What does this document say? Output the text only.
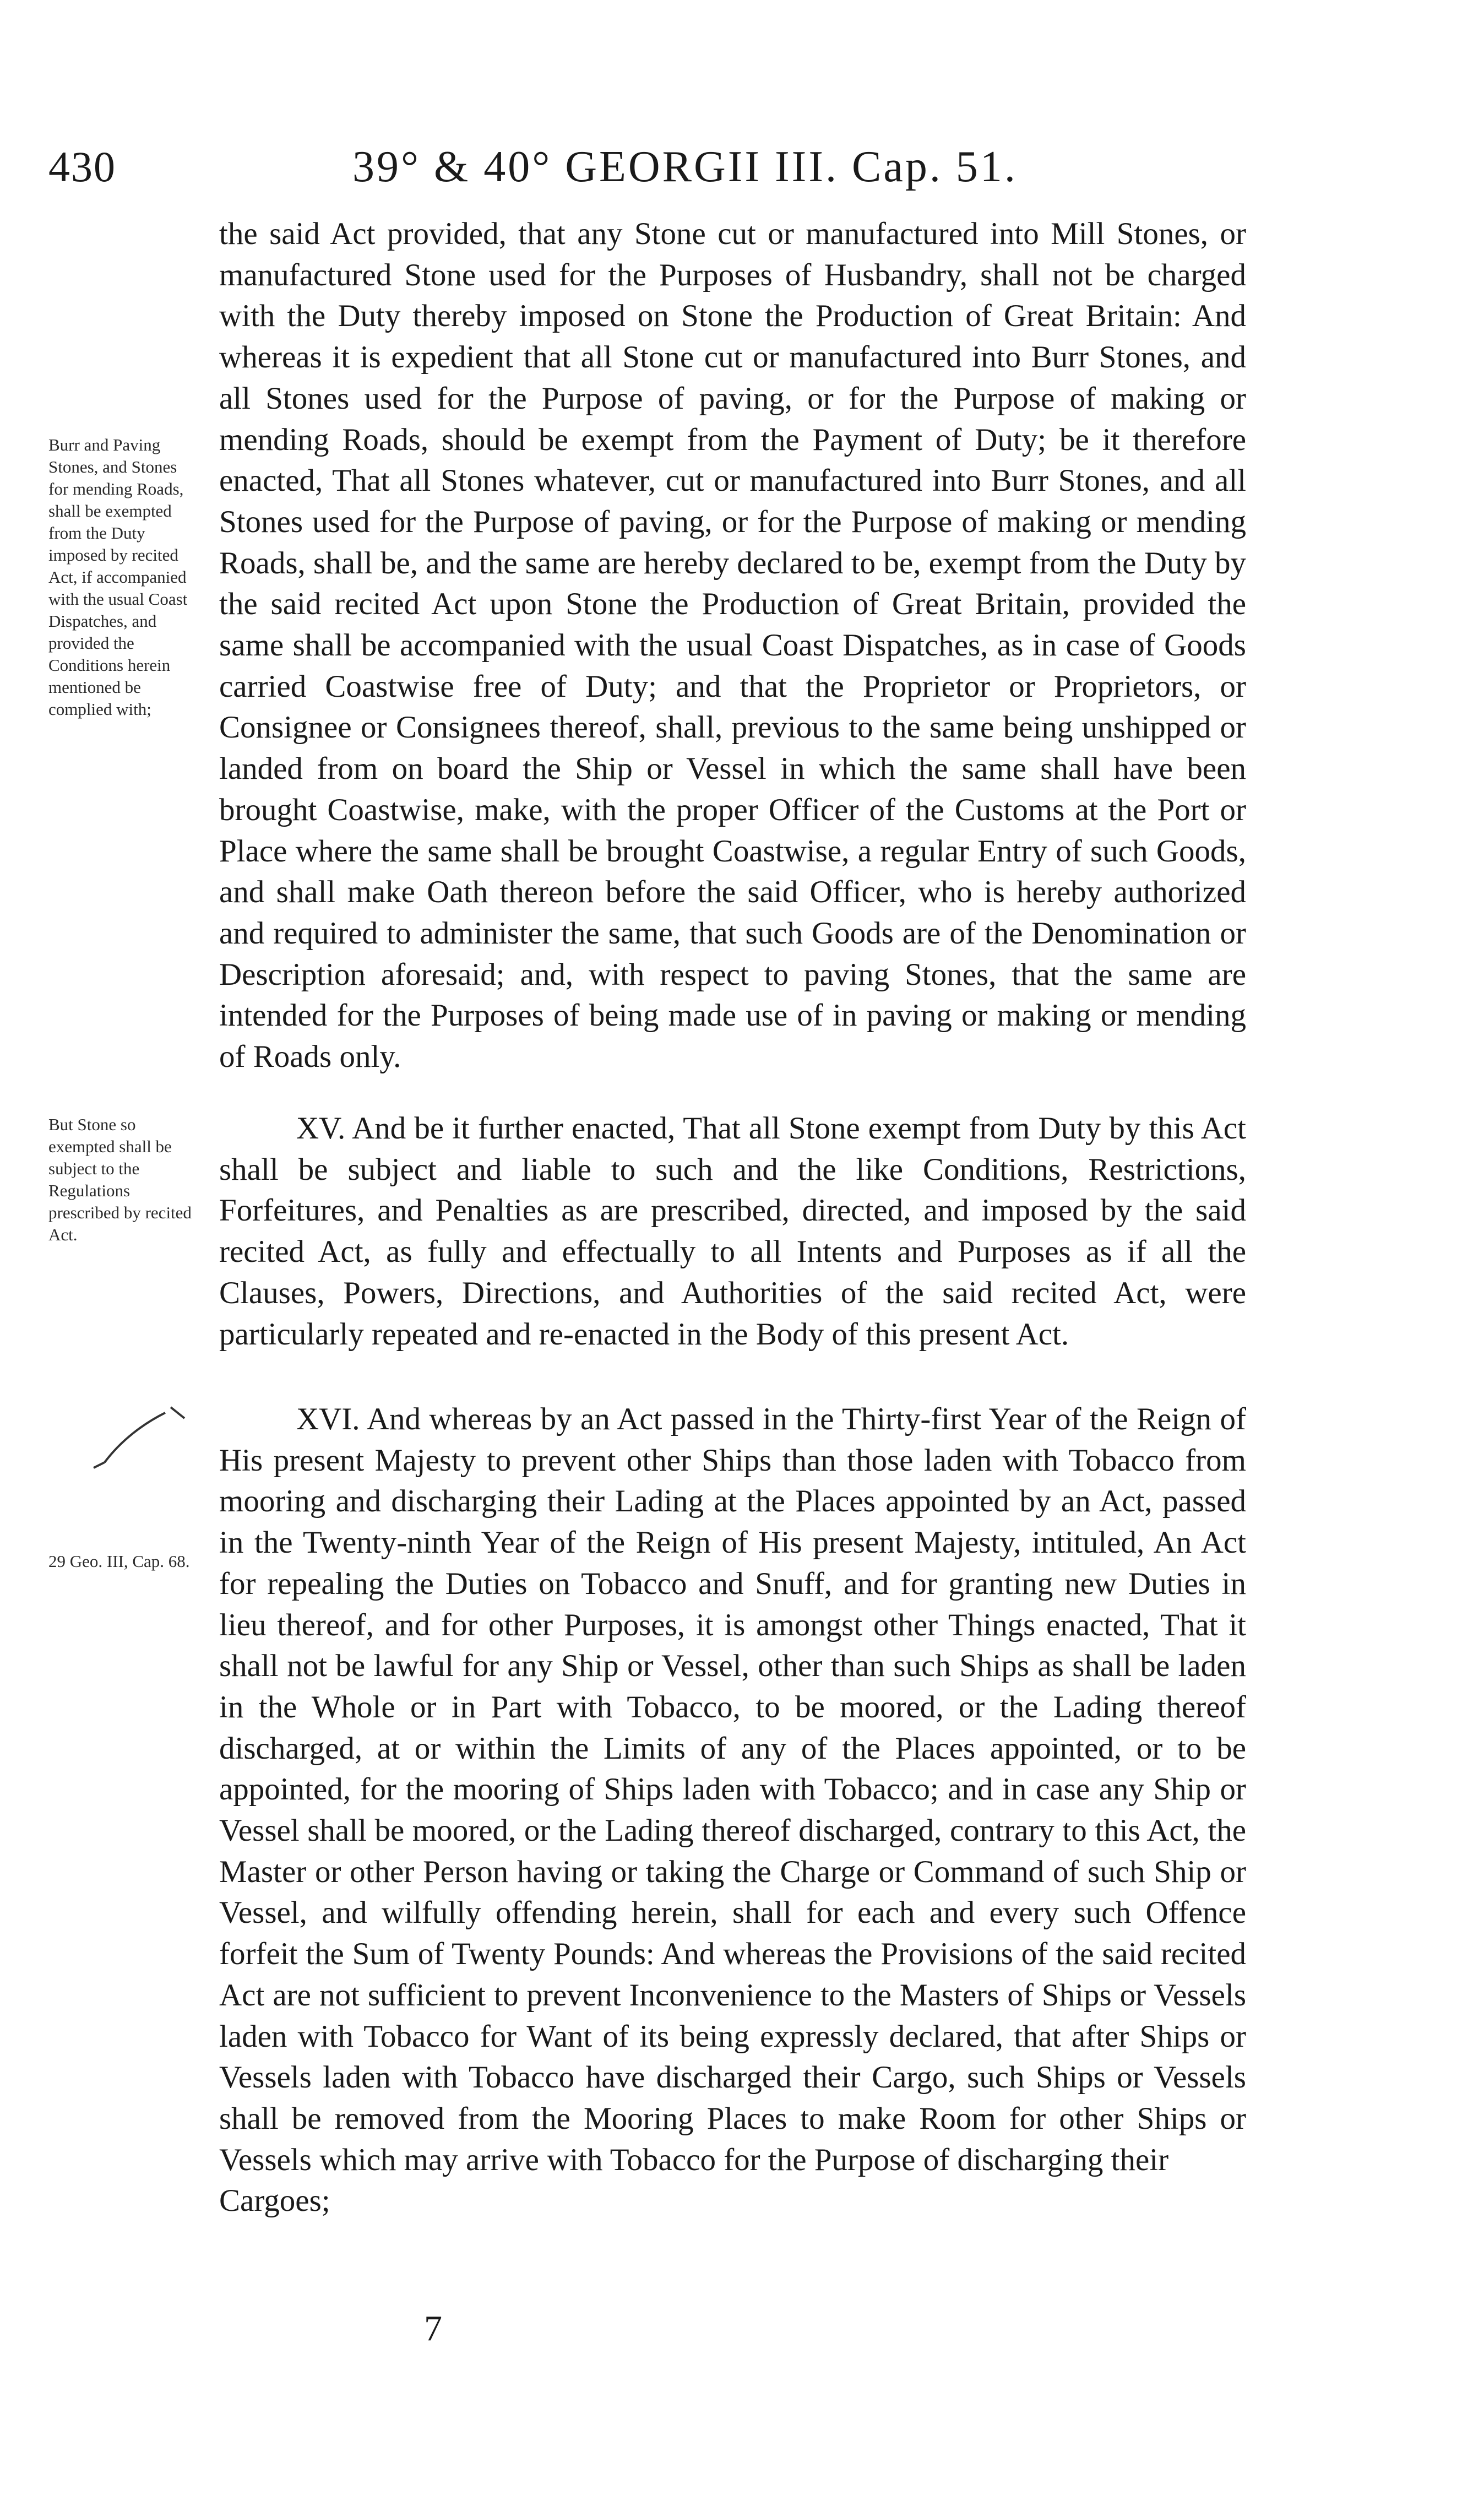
430	39° & 40° GEORGII III. Cap. 51.
Burr and Paving Stones, and Stones for mending Roads, shall be exempted from the Duty imposed by recited Act, if accompanied with the usual Coast Dispatches, and provided the Conditions herein mentioned be complied with;
But Stone so exempted shall be subject to the Regulations prescribed by recited Act.
29 Geo. III, Cap. 68.

the said Act provided, that any Stone cut or manufactured into Mill Stones, or manufactured Stone used for the Purposes of Husbandry, shall not be charged with the Duty thereby imposed on Stone the Production of Great Britain: And whereas it is expedient that all Stone cut or manufactured into Burr Stones, and all Stones used for the Purpose of paving, or for the Purpose of making or mending Roads, should be exempt from the Payment of Duty; be it therefore enacted, That all Stones whatever, cut or manufactured into Burr Stones, and all Stones used for the Purpose of paving, or for the Purpose of making or mending Roads, shall be, and the same are hereby declared to be, exempt from the Duty by the said recited Act upon Stone the Production of Great Britain, provided the same shall be accompanied with the usual Coast Dispatches, as in case of Goods carried Coastwise free of Duty; and that the Proprietor or Proprietors, or Consignee or Consignees thereof, shall, previous to the same being unshipped or landed from on board the Ship or Vessel in which the same shall have been brought Coastwise, make, with the proper Officer of the Customs at the Port or Place where the same shall be brought Coastwise, a regular Entry of such Goods, and shall make Oath thereon before the said Officer, who is hereby authorized and required to administer the same, that such Goods are of the Denomination or Description aforesaid; and, with respect to paving Stones, that the same are intended for the Purposes of being made use of in paving or making or mending of Roads only.

XV. And be it further enacted, That all Stone exempt from Duty by this Act shall be subject and liable to such and the like Conditions, Restrictions, Forfeitures, and Penalties as are prescribed, directed, and imposed by the said recited Act, as fully and effectually to all Intents and Purposes as if all the Clauses, Powers, Directions, and Authorities of the said recited Act, were particularly repeated and re-enacted in the Body of this present Act.

XVI. And whereas by an Act passed in the Thirty-first Year of the Reign of His present Majesty to prevent other Ships than those laden with Tobacco from mooring and discharging their Lading at the Places appointed by an Act, passed in the Twenty-ninth Year of the Reign of His present Majesty, intituled, An Act for repealing the Duties on Tobacco and Snuff, and for granting new Duties in lieu thereof, and for other Purposes, it is amongst other Things enacted, That it shall not be lawful for any Ship or Vessel, other than such Ships as shall be laden in the Whole or in Part with Tobacco, to be moored, or the Lading thereof discharged, at or within the Limits of any of the Places appointed, or to be appointed, for the mooring of Ships laden with Tobacco; and in case any Ship or Vessel shall be moored, or the Lading thereof discharged, contrary to this Act, the Master or other Person having or taking the Charge or Command of such Ship or Vessel, and wilfully offending herein, shall for each and every such Offence forfeit the Sum of Twenty Pounds: And whereas the Provisions of the said recited Act are not sufficient to prevent Inconvenience to the Masters of Ships or Vessels laden with Tobacco for Want of its being expressly declared, that after Ships or Vessels laden with Tobacco have discharged their Cargo, such Ships or Vessels shall be removed from the Mooring Places to make Room for other Ships or Vessels which may arrive with Tobacco for the Purpose of discharging their

Cargoes;

7
